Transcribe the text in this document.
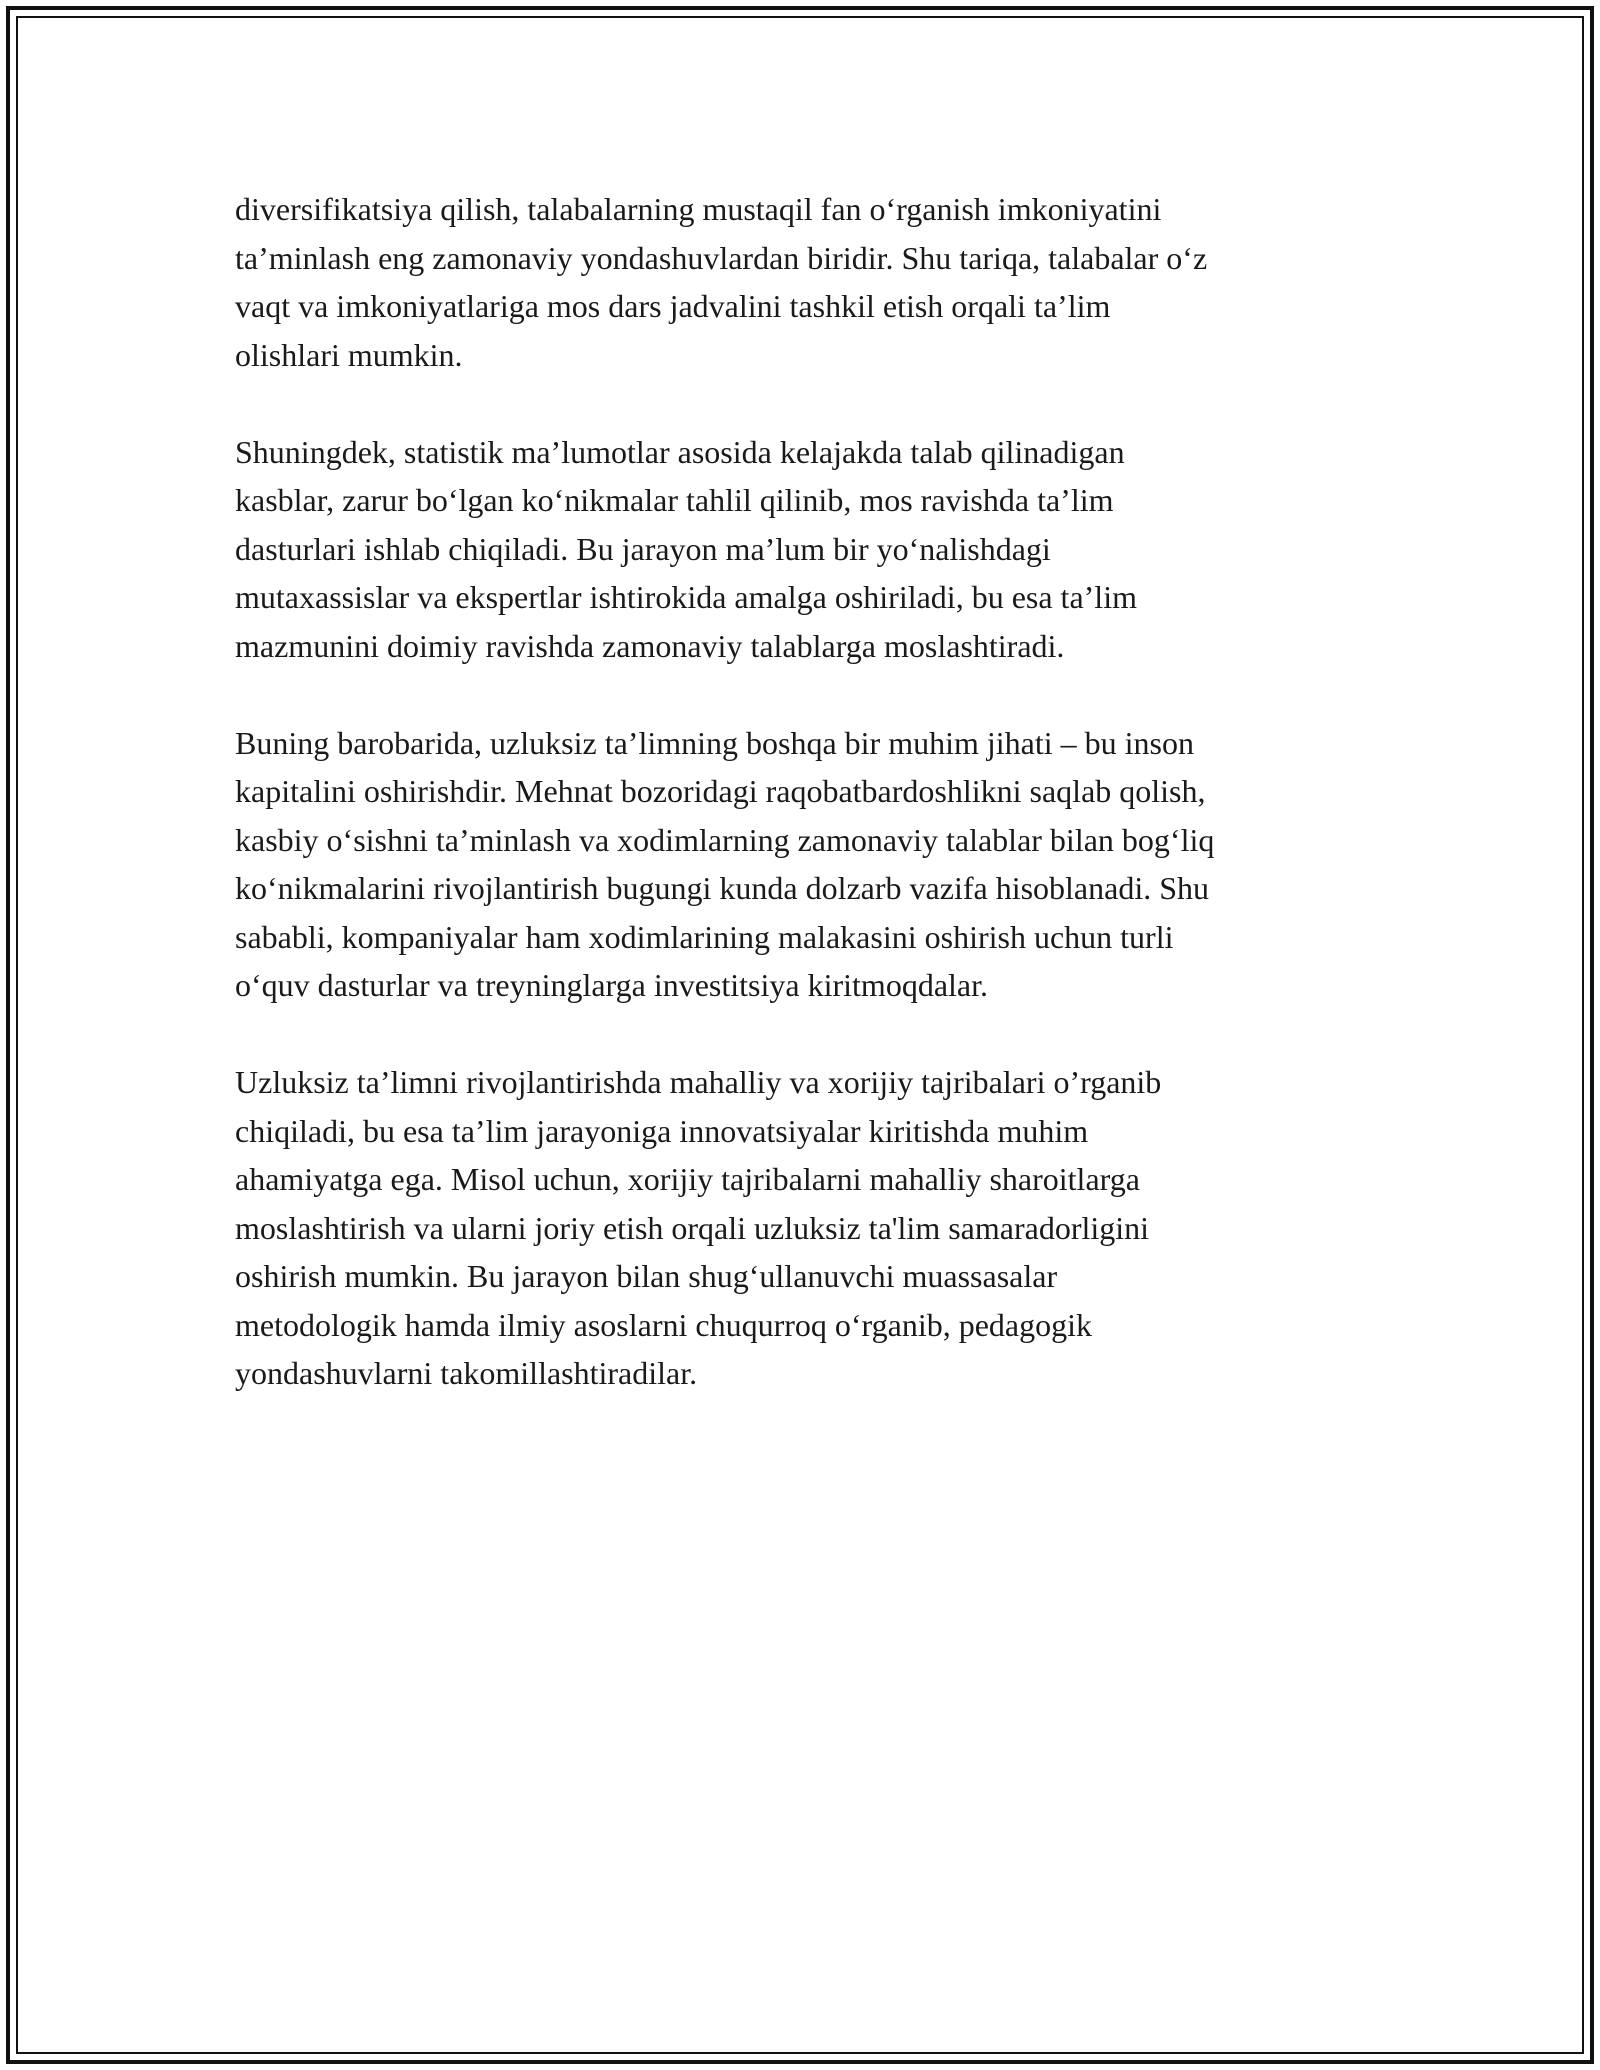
diversifikatsiya qilish, talabalarning mustaqil fan o‘rganish imkoniyatini
ta’minlash eng zamonaviy yondashuvlardan biridir. Shu tariqa, talabalar o‘z
vaqt va imkoniyatlariga mos dars jadvalini tashkil etish orqali ta’lim
olishlari mumkin.

Shuningdek, statistik ma’lumotlar asosida kelajakda talab qilinadigan
kasblar, zarur bo‘lgan ko‘nikmalar tahlil qilinib, mos ravishda ta’lim
dasturlari ishlab chiqiladi. Bu jarayon ma’lum bir yo‘nalishdagi
mutaxassislar va ekspertlar ishtirokida amalga oshiriladi, bu esa ta’lim
mazmunini doimiy ravishda zamonaviy talablarga moslashtiradi.

Buning barobarida, uzluksiz ta’limning boshqa bir muhim jihati – bu inson
kapitalini oshirishdir. Mehnat bozoridagi raqobatbardoshlikni saqlab qolish,
kasbiy o‘sishni ta’minlash va xodimlarning zamonaviy talablar bilan bog‘liq
ko‘nikmalarini rivojlantirish bugungi kunda dolzarb vazifa hisoblanadi. Shu
sababli, kompaniyalar ham xodimlarining malakasini oshirish uchun turli
o‘quv dasturlar va treyninglarga investitsiya kiritmoqdalar.

Uzluksiz ta’limni rivojlantirishda mahalliy va xorijiy tajribalari o’rganib
chiqiladi, bu esa ta’lim jarayoniga innovatsiyalar kiritishda muhim
ahamiyatga ega. Misol uchun, xorijiy tajribalarni mahalliy sharoitlarga
moslashtirish va ularni joriy etish orqali uzluksiz ta'lim samaradorligini
oshirish mumkin. Bu jarayon bilan shug‘ullanuvchi muassasalar
metodologik hamda ilmiy asoslarni chuqurroq o‘rganib, pedagogik
yondashuvlarni takomillashtiradilar.
